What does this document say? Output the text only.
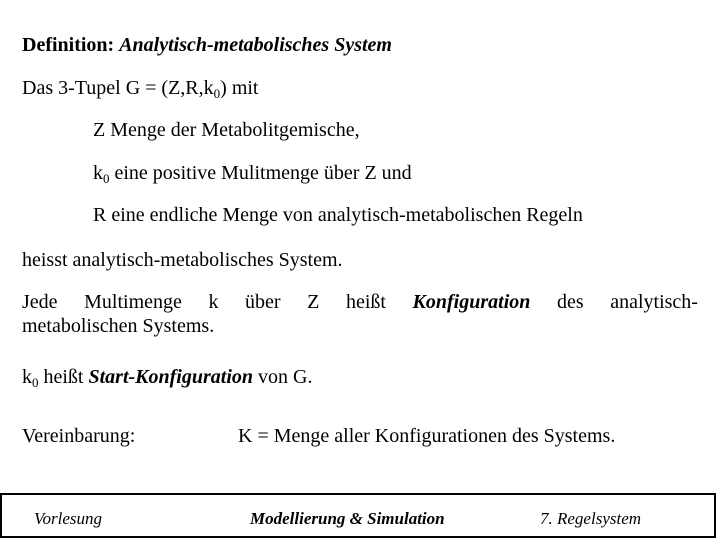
Definition: Analytisch-metabolisches System
Das 3-Tupel $G = (Z,R,k_0)$ mit
Z Menge der Metabolitgemische,
$k_0$ eine positive Mulitmenge über Z und
R eine endliche Menge von analytisch-metabolischen Regeln
heisst analytisch-metabolisches System.
Jede Multimenge k über Z heißt Konfiguration des analytisch-
metabolischen Systems.
$k_0$ heißt Start-Konfiguration von G.
Vereinbarung:	K = Menge aller Konfigurationen des Systems.
Vorlesung	Modellierung & Simulation	7. Regelsystem
